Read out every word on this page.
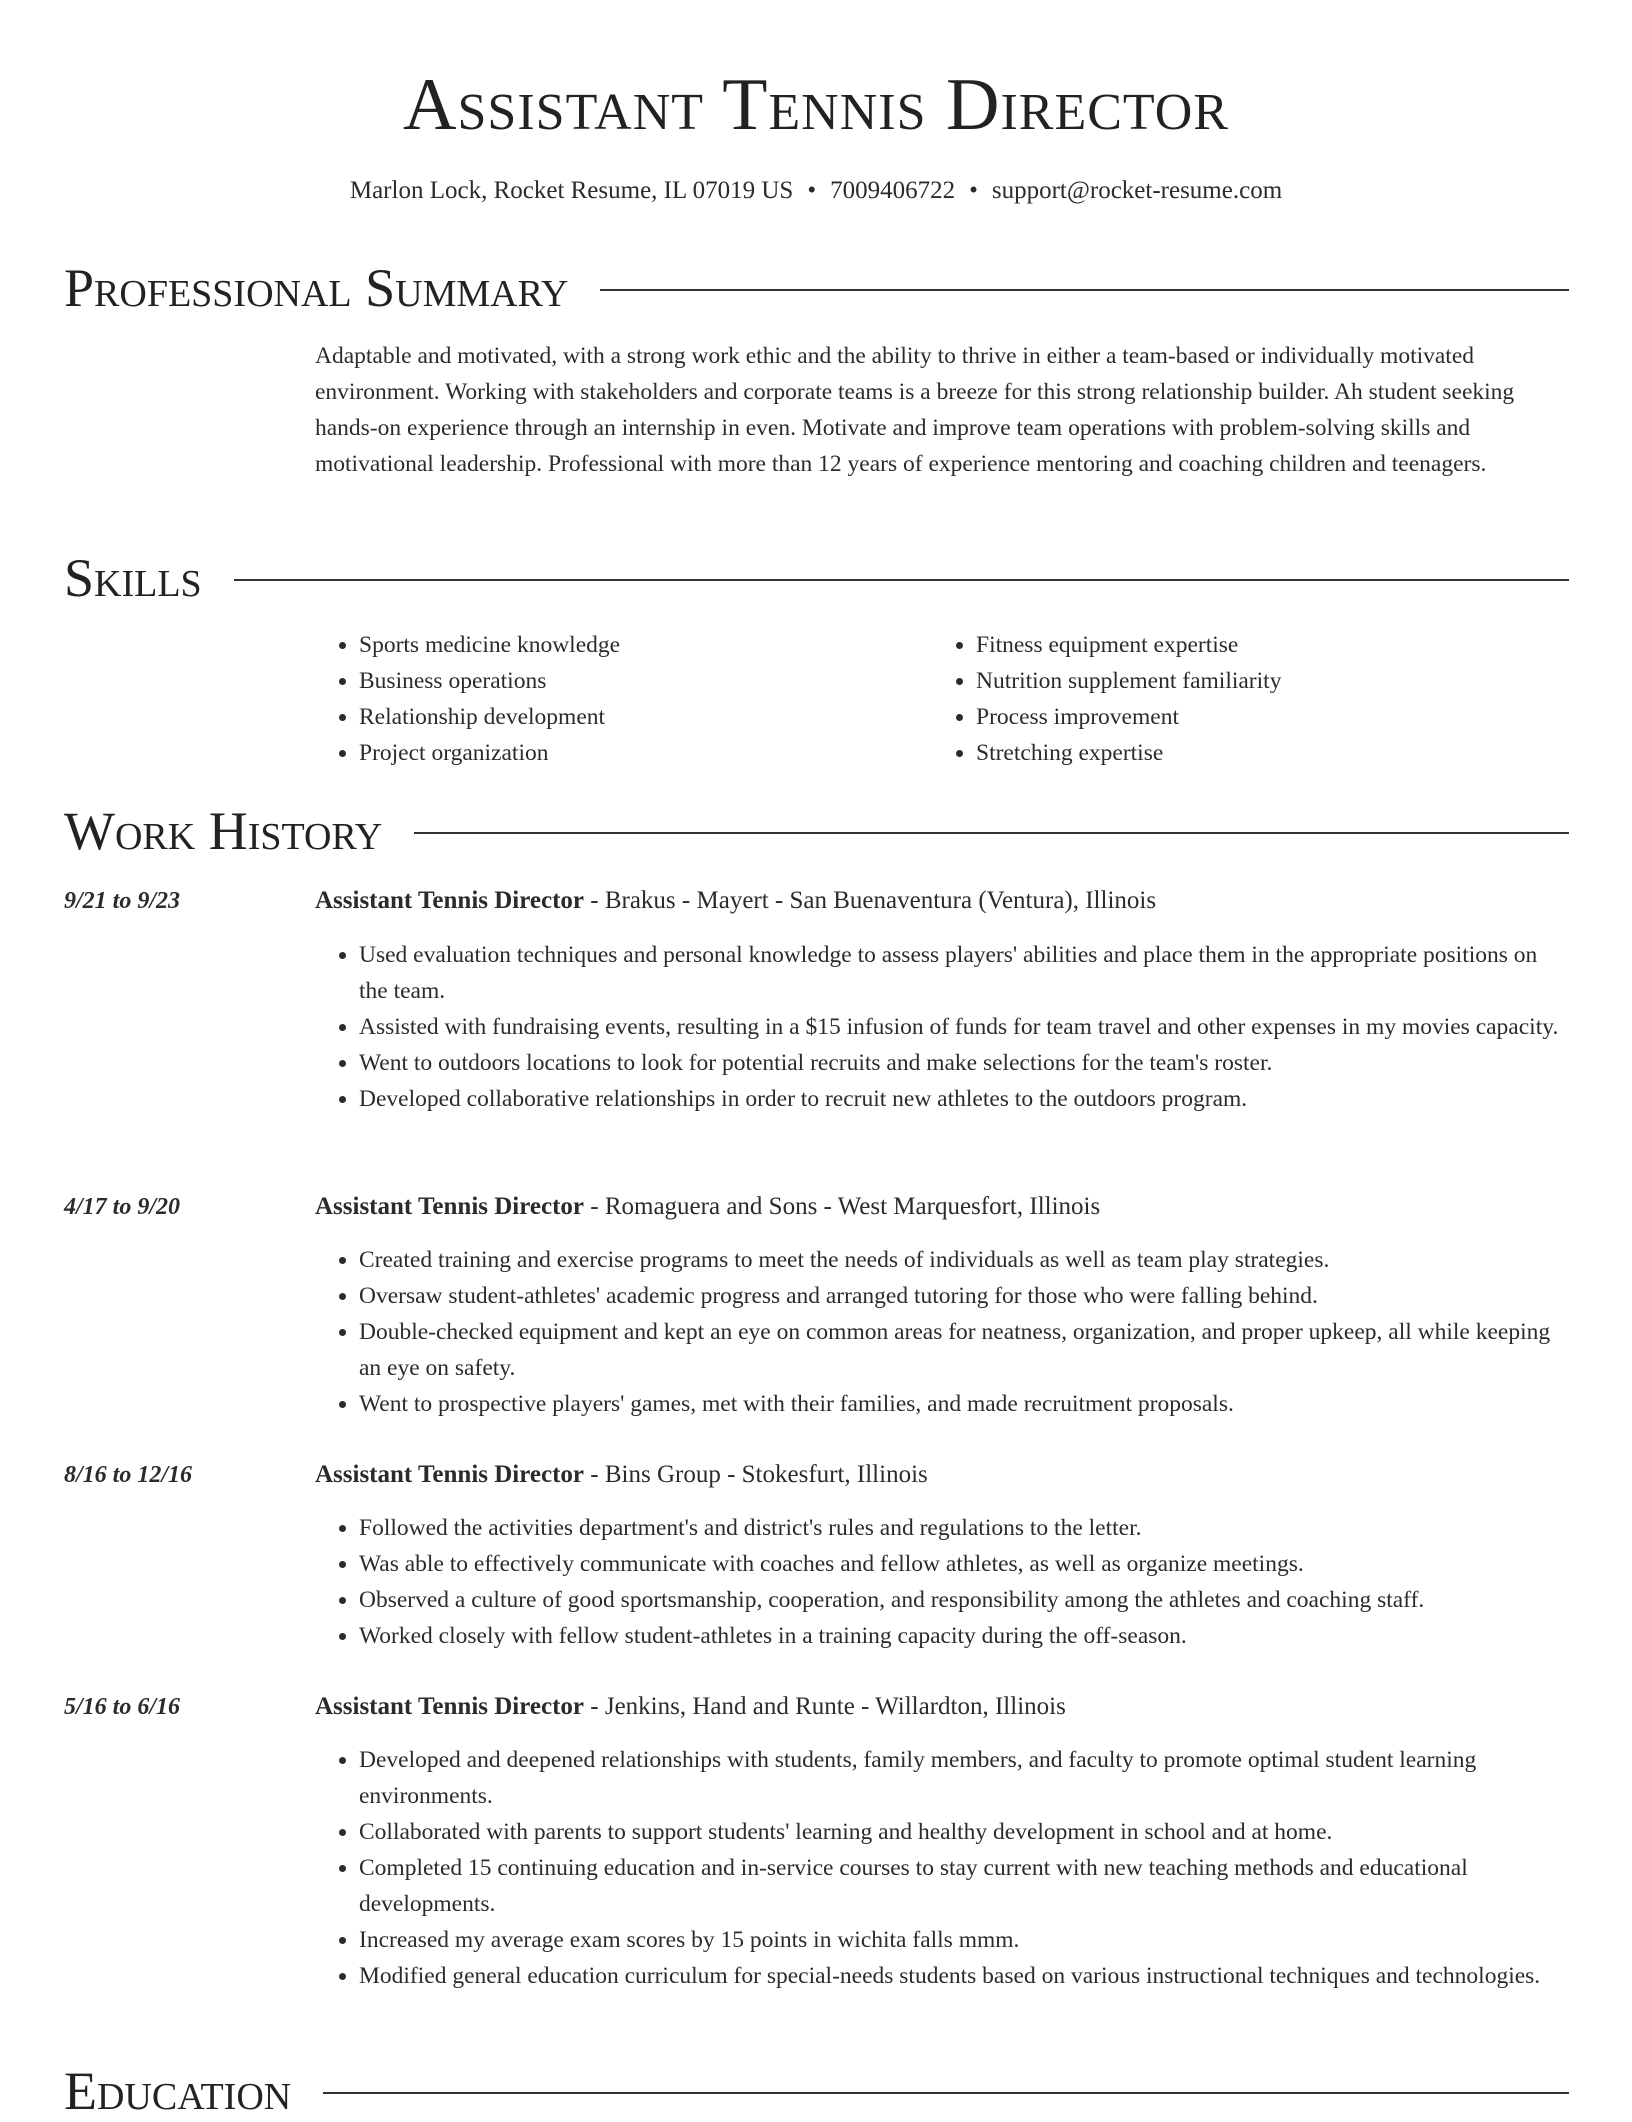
Assistant Tennis Director
Marlon Lock, Rocket Resume, IL 07019 US • 7009406722 • support@rocket-resume.com
Professional Summary

Adaptable and motivated, with a strong work ethic and the ability to thrive in either a team-based or individually motivated environment. Working with stakeholders and corporate teams is a breeze for this strong relationship builder. Ah student seeking hands-on experience through an internship in even. Motivate and improve team operations with problem-solving skills and motivational leadership. Professional with more than 12 years of experience mentoring and coaching children and teenagers.

Skills
• Sports medicine knowledge
• Business operations
• Relationship development
• Project organization
• Fitness equipment expertise
• Nutrition supplement familiarity
• Process improvement
• Stretching expertise
Work History
9/21 to 9/23	Assistant Tennis Director - Brakus - Mayert - San Buenaventura (Ventura), Illinois
• Used evaluation techniques and personal knowledge to assess players' abilities and place them in the appropriate positions on the team.
• Assisted with fundraising events, resulting in a $15 infusion of funds for team travel and other expenses in my movies capacity.
• Went to outdoors locations to look for potential recruits and make selections for the team's roster.
• Developed collaborative relationships in order to recruit new athletes to the outdoors program.
4/17 to 9/20	Assistant Tennis Director - Romaguera and Sons - West Marquesfort, Illinois
• Created training and exercise programs to meet the needs of individuals as well as team play strategies.
• Oversaw student-athletes' academic progress and arranged tutoring for those who were falling behind.
• Double-checked equipment and kept an eye on common areas for neatness, organization, and proper upkeep, all while keeping an eye on safety.
• Went to prospective players' games, met with their families, and made recruitment proposals.
8/16 to 12/16	Assistant Tennis Director - Bins Group - Stokesfurt, Illinois
• Followed the activities department's and district's rules and regulations to the letter.
• Was able to effectively communicate with coaches and fellow athletes, as well as organize meetings.
• Observed a culture of good sportsmanship, cooperation, and responsibility among the athletes and coaching staff.
• Worked closely with fellow student-athletes in a training capacity during the off-season.
5/16 to 6/16	Assistant Tennis Director - Jenkins, Hand and Runte - Willardton, Illinois
• Developed and deepened relationships with students, family members, and faculty to promote optimal student learning environments.
• Collaborated with parents to support students' learning and healthy development in school and at home.
• Completed 15 continuing education and in-service courses to stay current with new teaching methods and educational developments.
• Increased my average exam scores by 15 points in wichita falls mmm.
• Modified general education curriculum for special-needs students based on various instructional techniques and technologies.
Education
